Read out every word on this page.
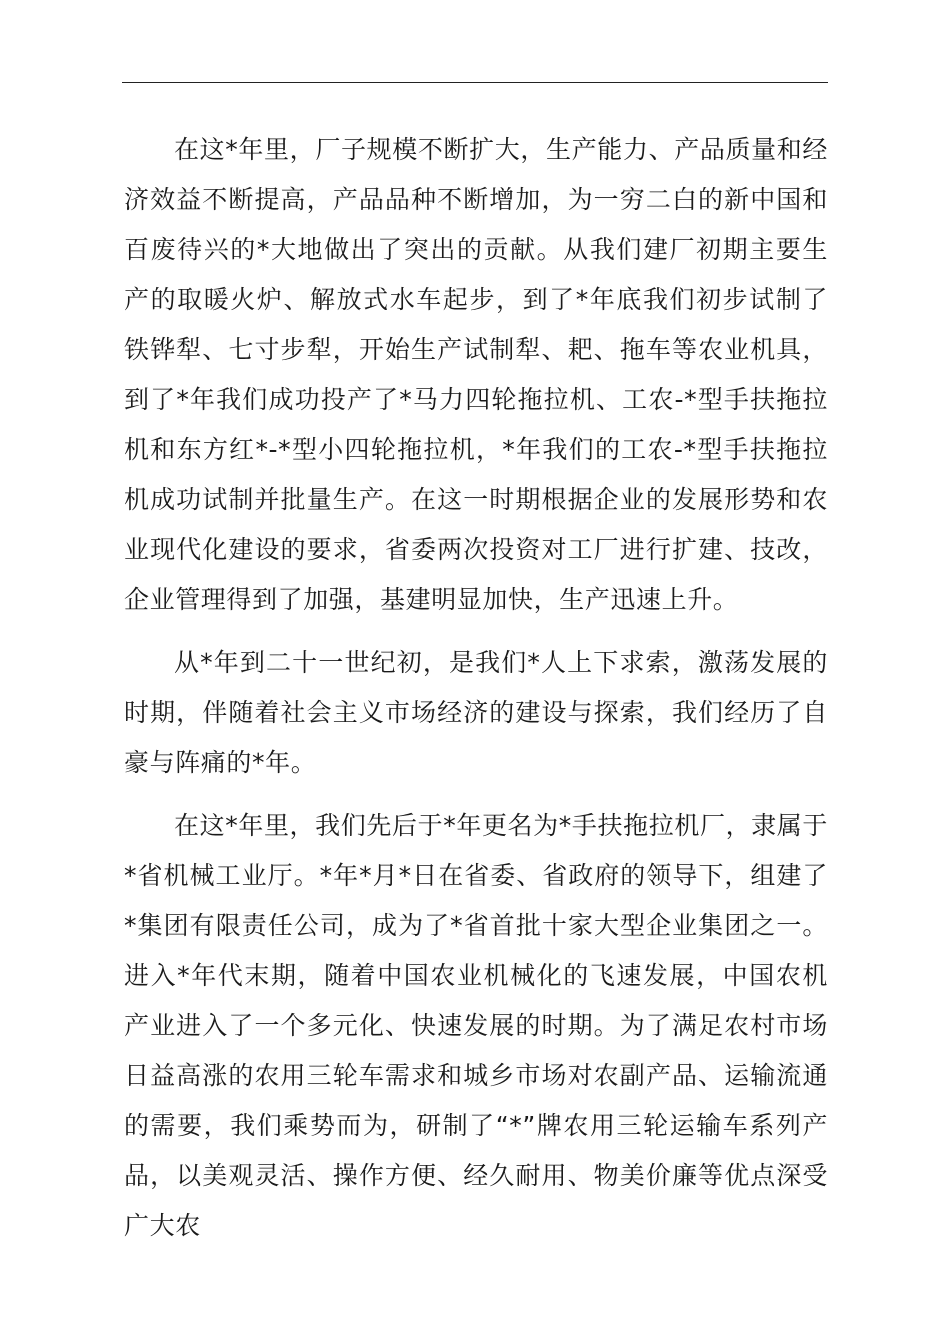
在这*年里，厂子规模不断扩大，生产能力、产品质量和经济效益不断提高，产品品种不断增加，为一穷二白的新中国和百废待兴的*大地做出了突出的贡献。从我们建厂初期主要生产的取暖火炉、解放式水车起步，到了*年底我们初步试制了铁铧犁、七寸步犁，开始生产试制犁、耙、拖车等农业机具，到了*年我们成功投产了*马力四轮拖拉机、工农-*型手扶拖拉机和东方红*-*型小四轮拖拉机，*年我们的工农-*型手扶拖拉机成功试制并批量生产。在这一时期根据企业的发展形势和农业现代化建设的要求，省委两次投资对工厂进行扩建、技改，企业管理得到了加强，基建明显加快，生产迅速上升。

从*年到二十一世纪初，是我们*人上下求索，激荡发展的时期，伴随着社会主义市场经济的建设与探索，我们经历了自豪与阵痛的*年。

在这*年里，我们先后于*年更名为*手扶拖拉机厂，隶属于*省机械工业厅。*年*月*日在省委、省政府的领导下，组建了*集团有限责任公司，成为了*省首批十家大型企业集团之一。进入*年代末期，随着中国农业机械化的飞速发展，中国农机产业进入了一个多元化、快速发展的时期。为了满足农村市场日益高涨的农用三轮车需求和城乡市场对农副产品、运输流通的需要，我们乘势而为，研制了“*”牌农用三轮运输车系列产品，以美观灵活、操作方便、经久耐用、物美价廉等优点深受广大农
